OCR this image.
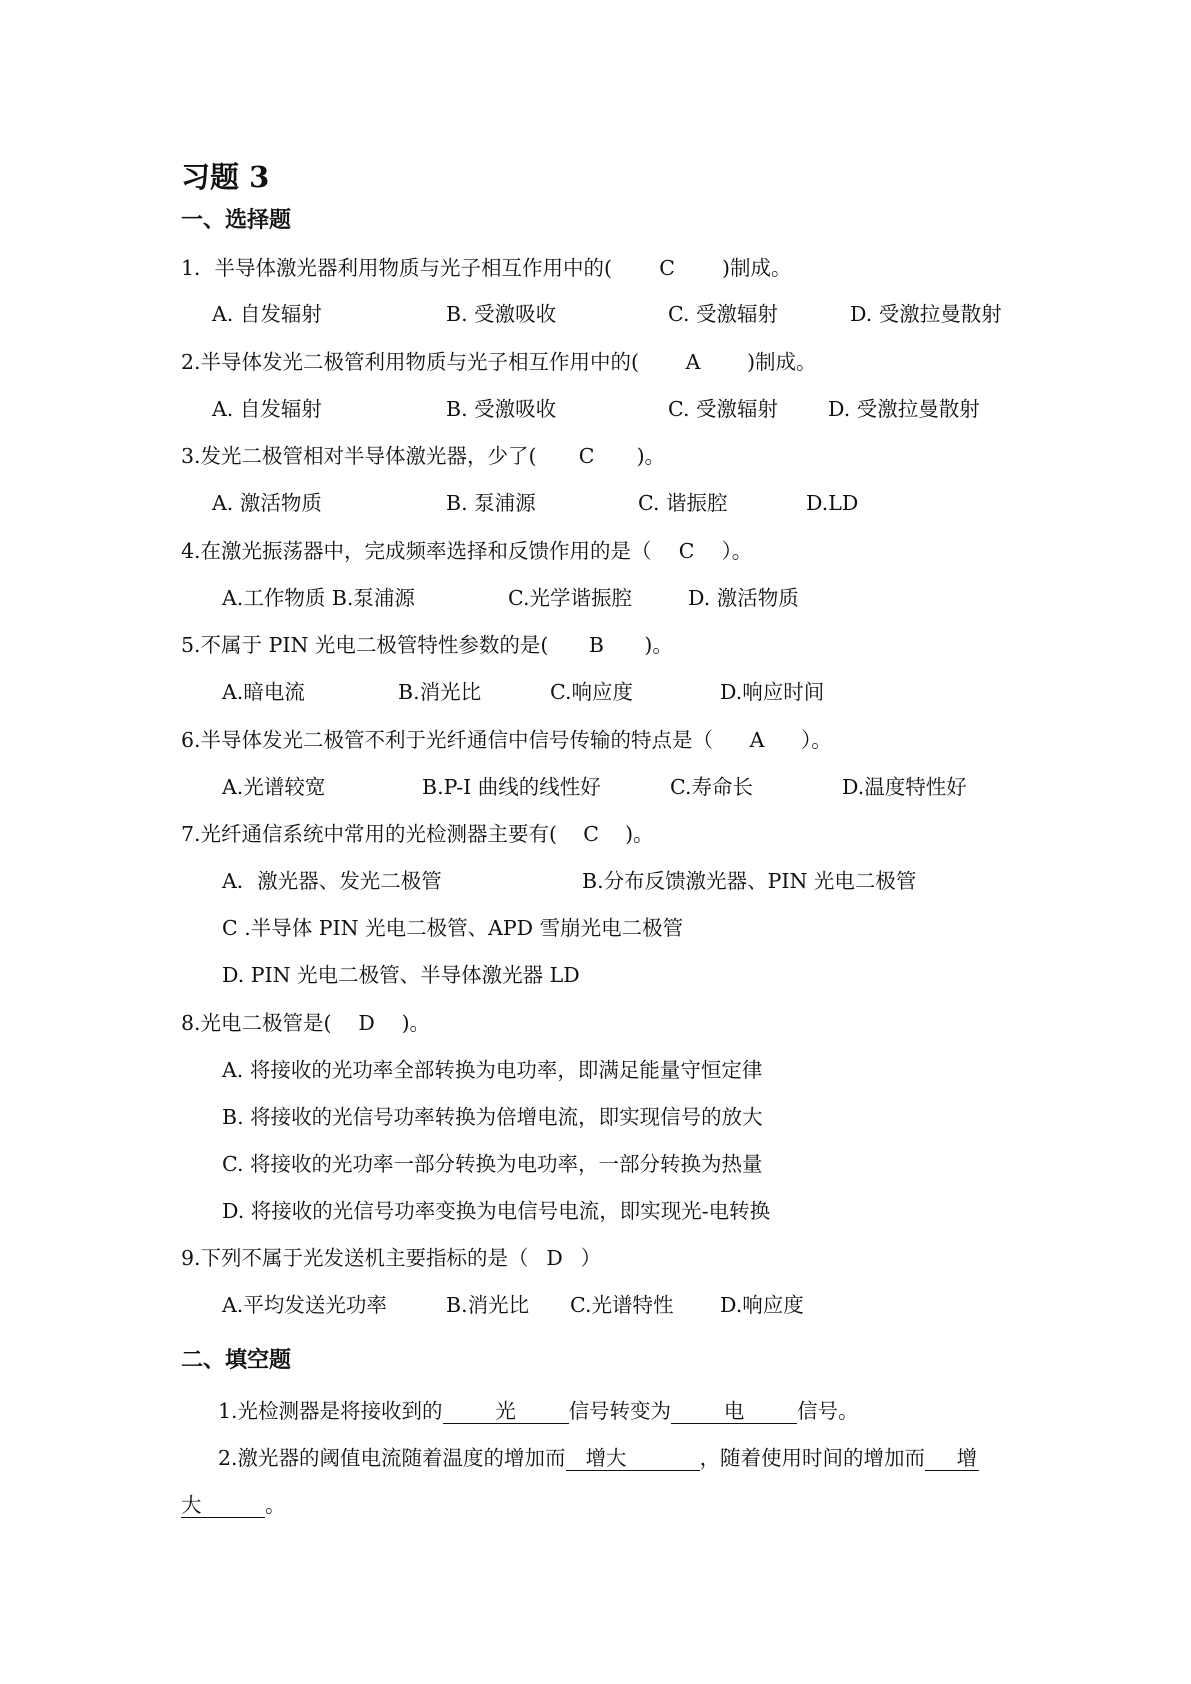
习题 3
一、选择题
1．半导体激光器利用物质与光子相互作用中的( C )制成。
A. 自发辐射	B. 受激吸收	C. 受激辐射	D. 受激拉曼散射
2.半导体发光二极管利用物质与光子相互作用中的( A )制成。
A. 自发辐射	B. 受激吸收	C. 受激辐射 D. 受激拉曼散射
3.发光二极管相对半导体激光器，少了( C )。
A. 激活物质	B. 泵浦源	C. 谐振腔	D.LD
4.在激光振荡器中，完成频率选择和反馈作用的是（ C ）。
A.工作物质 B.泵浦源	C.光学谐振腔	D. 激活物质
5.不属于 PIN 光电二极管特性参数的是( B )。
A.暗电流	B.消光比	C.响应度	D.响应时间
6.半导体发光二极管不利于光纤通信中信号传输的特点是（ A ）。
A.光谱较宽	B.P-I 曲线的线性好	C.寿命长	D.温度特性好
7.光纤通信系统中常用的光检测器主要有( C )。
A．激光器、发光二极管	B.分布反馈激光器、PIN 光电二极管
C .半导体 PIN 光电二极管、APD 雪崩光电二极管
D. PIN 光电二极管、半导体激光器 LD
8.光电二极管是( D )。
A. 将接收的光功率全部转换为电功率，即满足能量守恒定律
B. 将接收的光信号功率转换为倍增电流，即实现信号的放大
C. 将接收的光功率一部分转换为电功率，一部分转换为热量
D. 将接收的光信号功率变换为电信号电流，即实现光-电转换
9.下列不属于光发送机主要指标的是（ D ）
A.平均发送光功率	B.消光比 C.光谱特性 D.响应度
二、填空题
1.光检测器是将接收到的	光	信号转变为	电	信号。
2.激光器的阈值电流随着温度的增加而 增大	，随着使用时间的增加而 增
大	。
